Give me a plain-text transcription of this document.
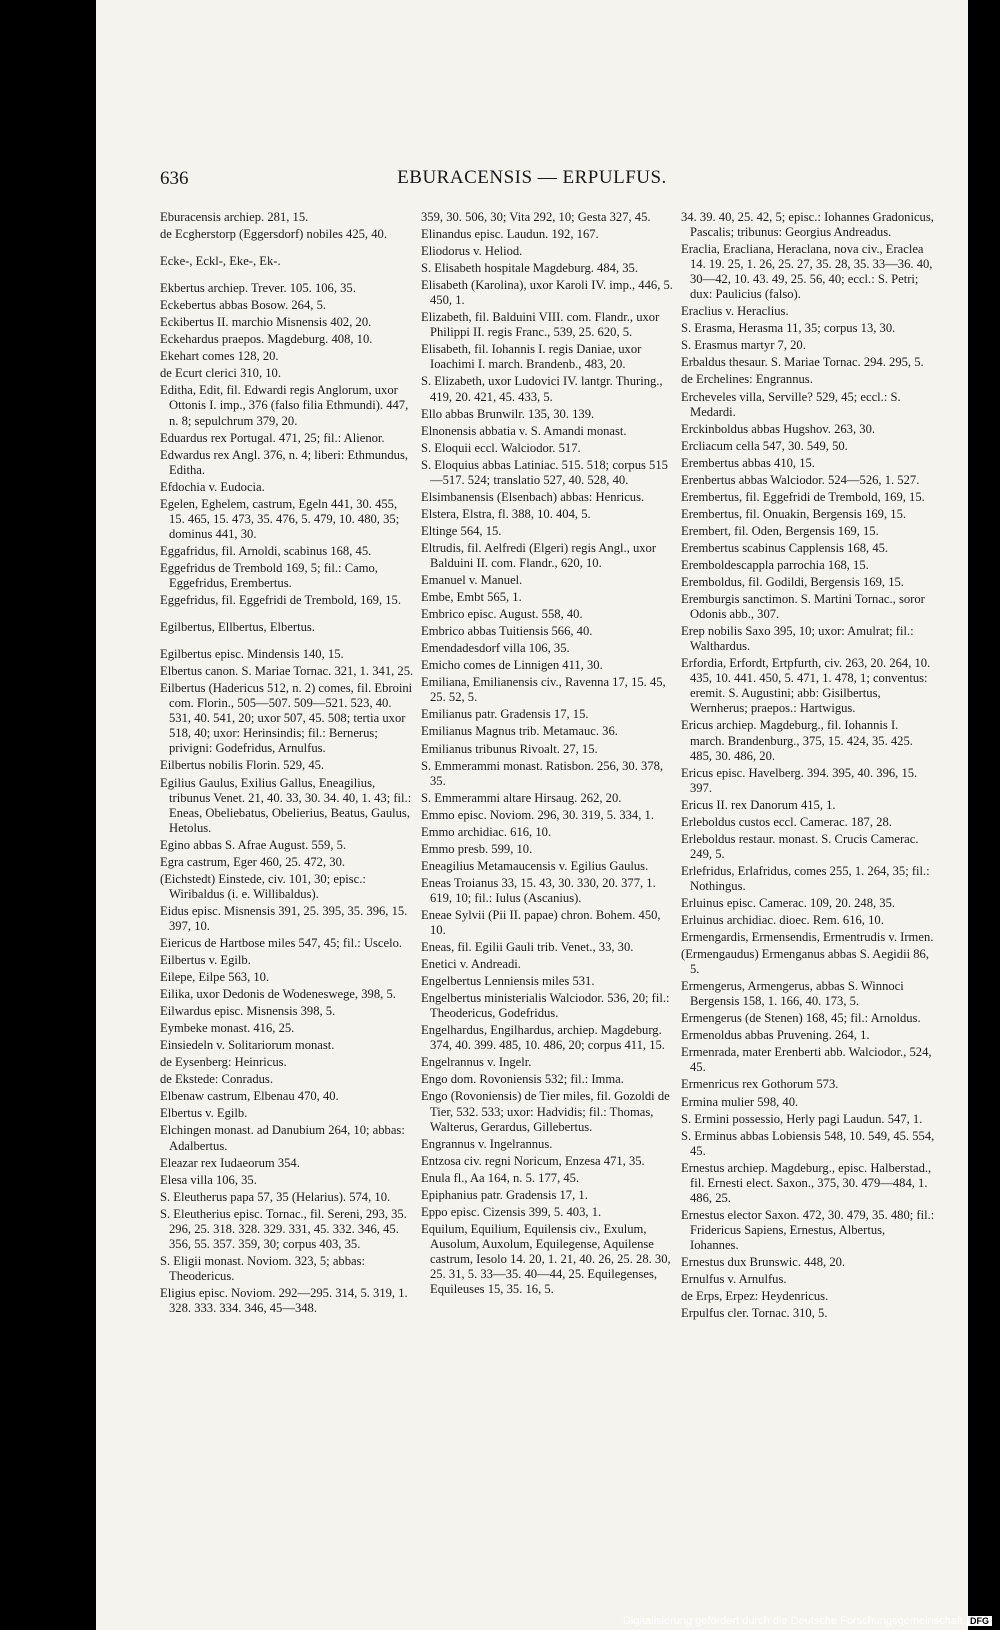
636	EBURACENSIS — ERPULFUS.

Eburacensis archiep. 281, 15.

de Ecgherstorp (Eggersdorf) nobiles 425, 40.

Ecke-, Eckl-, Eke-, Ek-.

Ekbertus archiep. Trever. 105. 106, 35.

Eckebertus abbas Bosow. 264, 5.

Eckibertus II. marchio Misnensis 402, 20.

Eckehardus praepos. Magdeburg. 408, 10.

Ekehart comes 128, 20.

de Ecurt clerici 310, 10.

Editha, Edit, fil. Edwardi regis Anglorum, uxor Ottonis I. imp., 376 (falso filia Ethmundi). 447, n. 8; sepulchrum 379, 20.

Eduardus rex Portugal. 471, 25; fil.: Alienor.

Edwardus rex Angl. 376, n. 4; liberi: Ethmundus, Editha.

Efdochia v. Eudocia.

Egelen, Eghelem, castrum, Egeln 441, 30. 455, 15. 465, 15. 473, 35. 476, 5. 479, 10. 480, 35; dominus 441, 30.

Eggafridus, fil. Arnoldi, scabinus 168, 45.

Eggefridus de Trembold 169, 5; fil.: Camo, Eggefridus, Erembertus.

Eggefridus, fil. Eggefridi de Trembold, 169, 15.

Egilbertus, Ellbertus, Elbertus.

Egilbertus episc. Mindensis 140, 15.

Elbertus canon. S. Mariae Tornac. 321, 1. 341, 25.

Eilbertus (Hadericus 512, n. 2) comes, fil. Ebroini com. Florin., 505—507. 509—521. 523, 40. 531, 40. 541, 20; uxor 507, 45. 508; tertia uxor 518, 40; uxor: Herinsindis; fil.: Bernerus; privigni: Godefridus, Arnulfus.

Eilbertus nobilis Florin. 529, 45.

Egilius Gaulus, Exilius Gallus, Eneagilius, tribunus Venet. 21, 40. 33, 30. 34. 40, 1. 43; fil.: Eneas, Obeliebatus, Obelierius, Beatus, Gaulus, Hetolus.

Egino abbas S. Afrae August. 559, 5.

Egra castrum, Eger 460, 25. 472, 30.

(Eichstedt) Einstede, civ. 101, 30; episc.: Wiribaldus (i. e. Willibaldus).

Eidus episc. Misnensis 391, 25. 395, 35. 396, 15. 397, 10.

Eiericus de Hartbose miles 547, 45; fil.: Uscelo.

Eilbertus v. Egilb.

Eilepe, Eilpe 563, 10.

Eilika, uxor Dedonis de Wodeneswege, 398, 5.

Eilwardus episc. Misnensis 398, 5.

Eymbeke monast. 416, 25.

Einsiedeln v. Solitariorum monast.

de Eysenberg: Heinricus.

de Ekstede: Conradus.

Elbenaw castrum, Elbenau 470, 40.

Elbertus v. Egilb.

Elchingen monast. ad Danubium 264, 10; abbas: Adalbertus.

Eleazar rex Iudaeorum 354.

Elesa villa 106, 35.

S. Eleutherus papa 57, 35 (Helarius). 574, 10.

S. Eleutherius episc. Tornac., fil. Sereni, 293, 35. 296, 25. 318. 328. 329. 331, 45. 332. 346, 45. 356, 55. 357. 359, 30; corpus 403, 35.

S. Eligii monast. Noviom. 323, 5; abbas: Theodericus.

Eligius episc. Noviom. 292—295. 314, 5. 319, 1. 328. 333. 334. 346, 45—348.

359, 30. 506, 30; Vita 292, 10; Gesta 327, 45.

Elinandus episc. Laudun. 192, 167.

Eliodorus v. Heliod.

S. Elisabeth hospitale Magdeburg. 484, 35.

Elisabeth (Karolina), uxor Karoli IV. imp., 446, 5. 450, 1.

Elizabeth, fil. Balduini VIII. com. Flandr., uxor Philippi II. regis Franc., 539, 25. 620, 5.

Elisabeth, fil. Iohannis I. regis Daniae, uxor Ioachimi I. march. Brandenb., 483, 20.

S. Elizabeth, uxor Ludovici IV. lantgr. Thuring., 419, 20. 421, 45. 433, 5.

Ello abbas Brunwilr. 135, 30. 139.

Elnonensis abbatia v. S. Amandi monast.

S. Eloquii eccl. Walciodor. 517.

S. Eloquius abbas Latiniac. 515. 518; corpus 515—517. 524; translatio 527, 40. 528, 40.

Elsimbanensis (Elsenbach) abbas: Henricus.

Elstera, Elstra, fl. 388, 10. 404, 5.

Eltinge 564, 15.

Eltrudis, fil. Aelfredi (Elgeri) regis Angl., uxor Balduini II. com. Flandr., 620, 10.

Emanuel v. Manuel.

Embe, Embt 565, 1.

Embrico episc. August. 558, 40.

Embrico abbas Tuitiensis 566, 40.

Emendadesdorf villa 106, 35.

Emicho comes de Linnigen 411, 30.

Emiliana, Emilianensis civ., Ravenna 17, 15. 45, 25. 52, 5.

Emilianus patr. Gradensis 17, 15.

Emilianus Magnus trib. Metamauc. 36.

Emilianus tribunus Rivoalt. 27, 15.

S. Emmerammi monast. Ratisbon. 256, 30. 378, 35.

S. Emmerammi altare Hirsaug. 262, 20.

Emmo episc. Noviom. 296, 30. 319, 5. 334, 1.

Emmo archidiac. 616, 10.

Emmo presb. 599, 10.

Eneagilius Metamaucensis v. Egilius Gaulus.

Eneas Troianus 33, 15. 43, 30. 330, 20. 377, 1. 619, 10; fil.: Iulus (Ascanius).

Eneae Sylvii (Pii II. papae) chron. Bohem. 450, 10.

Eneas, fil. Egilii Gauli trib. Venet., 33, 30.

Enetici v. Andreadi.

Engelbertus Lenniensis miles 531.

Engelbertus ministerialis Walciodor. 536, 20; fil.: Theodericus, Godefridus.

Engelhardus, Engilhardus, archiep. Magdeburg. 374, 40. 399. 485, 10. 486, 20; corpus 411, 15.

Engelrannus v. Ingelr.

Engo dom. Rovoniensis 532; fil.: Imma.

Engo (Rovoniensis) de Tier miles, fil. Gozoldi de Tier, 532. 533; uxor: Hadvidis; fil.: Thomas, Walterus, Gerardus, Gillebertus.

Engrannus v. Ingelrannus.

Entzosa civ. regni Noricum, Enzesa 471, 35.

Enula fl., Aa 164, n. 5. 177, 45.

Epiphanius patr. Gradensis 17, 1.

Eppo episc. Cizensis 399, 5. 403, 1.

Equilum, Equilium, Equilensis civ., Exulum, Ausolum, Auxolum, Equilegense, Aquilense castrum, Iesolo 14. 20, 1. 21, 40. 26, 25. 28. 30, 25. 31, 5. 33—35. 40—44, 25. Equilegenses, Equileuses 15, 35. 16, 5.

34. 39. 40, 25. 42, 5; episc.: Iohannes Gradonicus, Pascalis; tribunus: Georgius Andreadus.

Eraclia, Eracliana, Heraclana, nova civ., Eraclea 14. 19. 25, 1. 26, 25. 27, 35. 28, 35. 33—36. 40, 30—42, 10. 43. 49, 25. 56, 40; eccl.: S. Petri; dux: Paulicius (falso).

Eraclius v. Heraclius.

S. Erasma, Herasma 11, 35; corpus 13, 30.

S. Erasmus martyr 7, 20.

Erbaldus thesaur. S. Mariae Tornac. 294. 295, 5.

de Erchelines: Engrannus.

Ercheveles villa, Serville? 529, 45; eccl.: S. Medardi.

Erckinboldus abbas Hugshov. 263, 30.

Ercliacum cella 547, 30. 549, 50.

Erembertus abbas 410, 15.

Erenbertus abbas Walciodor. 524—526, 1. 527.

Erembertus, fil. Eggefridi de Trembold, 169, 15.

Erembertus, fil. Onuakin, Bergensis 169, 15.

Erembert, fil. Oden, Bergensis 169, 15.

Erembertus scabinus Capplensis 168, 45.

Eremboldescappla parrochia 168, 15.

Eremboldus, fil. Godildi, Bergensis 169, 15.

Eremburgis sanctimon. S. Martini Tornac., soror Odonis abb., 307.

Erep nobilis Saxo 395, 10; uxor: Amulrat; fil.: Walthardus.

Erfordia, Erfordt, Ertpfurth, civ. 263, 20. 264, 10. 435, 10. 441. 450, 5. 471, 1. 478, 1; conventus: eremit. S. Augustini; abb: Gisilbertus, Wernherus; praepos.: Hartwigus.

Ericus archiep. Magdeburg., fil. Iohannis I. march. Brandenburg., 375, 15. 424, 35. 425. 485, 30. 486, 20.

Ericus episc. Havelberg. 394. 395, 40. 396, 15. 397.

Ericus II. rex Danorum 415, 1.

Erleboldus custos eccl. Camerac. 187, 28.

Erleboldus restaur. monast. S. Crucis Camerac. 249, 5.

Erlefridus, Erlafridus, comes 255, 1. 264, 35; fil.: Nothingus.

Erluinus episc. Camerac. 109, 20. 248, 35.

Erluinus archidiac. dioec. Rem. 616, 10.

Ermengardis, Ermensendis, Ermentrudis v. Irmen.

(Ermengaudus) Ermenganus abbas S. Aegidii 86, 5.

Ermengerus, Armengerus, abbas S. Winnoci Bergensis 158, 1. 166, 40. 173, 5.

Ermengerus (de Stenen) 168, 45; fil.: Arnoldus.

Ermenoldus abbas Pruvening. 264, 1.

Ermenrada, mater Erenberti abb. Walciodor., 524, 45.

Ermenricus rex Gothorum 573.

Ermina mulier 598, 40.

S. Ermini possessio, Herly pagi Laudun. 547, 1.

S. Erminus abbas Lobiensis 548, 10. 549, 45. 554, 45.

Ernestus archiep. Magdeburg., episc. Halberstad., fil. Ernesti elect. Saxon., 375, 30. 479—484, 1. 486, 25.

Ernestus elector Saxon. 472, 30. 479, 35. 480; fil.: Fridericus Sapiens, Ernestus, Albertus, Iohannes.

Ernestus dux Brunswic. 448, 20.

Ernulfus v. Arnulfus.

de Erps, Erpez: Heydenricus.

Erpulfus cler. Tornac. 310, 5.

Digitalisierung gefördert durch die Deutsche Forschungsgemeinschaft DFG
